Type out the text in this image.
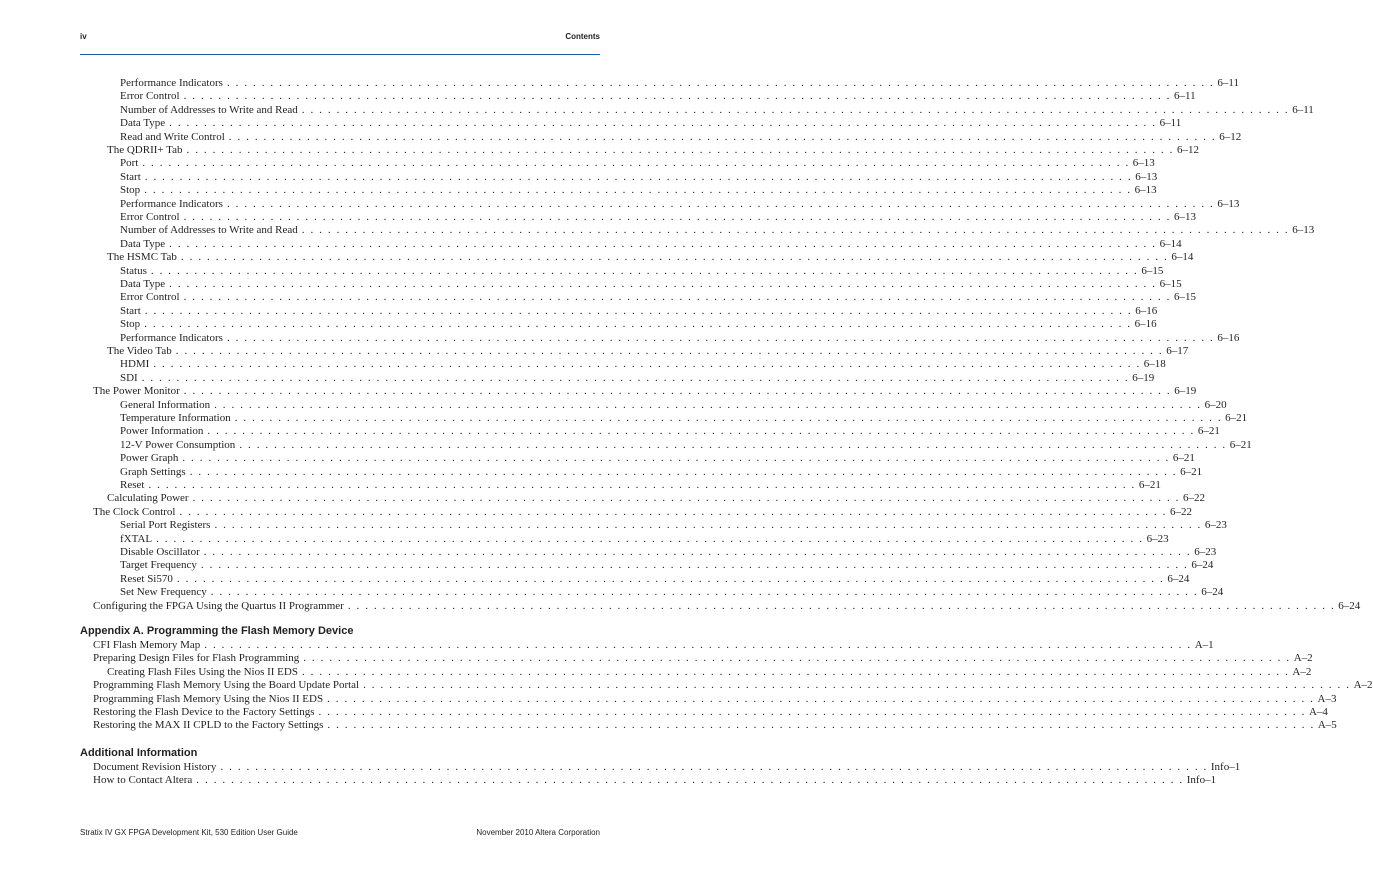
iv	Contents
Performance Indicators . . . . . . . . . . . . . . . . . . . . . . . . . . . . . . . . . . . . . . . . . . . . . . . . . . . . . . . . . . . . . . . . . . . . . . . . . . . . . . . . . . . . . . . . . . . . . . . . . . . . . . . . . . . . . . . . . . 6–11
Error Control . . . . . . . . . . . . . . . . . . . . . . . . . . . . . . . . . . . . . . . . . . . . . . . . . . . . . . . . . . . . . . . . . . . . . . . . . . . . . . . . . . . . . . . . . . . . . . . . . . . . . . . . . . . . . . . . . . 6–11
Number of Addresses to Write and Read . . . . . . . . . . . . . . . . . . . . . . . . . . . . . . . . . . . . . . . . . . . . . . . . . . . . . . . . . . . . . . . . . . . . . . . . . . . . . . . . . . . . . . . . . . . . . . . . . . . . . . . . . . . . . . . . . . 6–11
Data Type . . . . . . . . . . . . . . . . . . . . . . . . . . . . . . . . . . . . . . . . . . . . . . . . . . . . . . . . . . . . . . . . . . . . . . . . . . . . . . . . . . . . . . . . . . . . . . . . . . . . . . . . . . . . . . . . . . 6–11
Read and Write Control . . . . . . . . . . . . . . . . . . . . . . . . . . . . . . . . . . . . . . . . . . . . . . . . . . . . . . . . . . . . . . . . . . . . . . . . . . . . . . . . . . . . . . . . . . . . . . . . . . . . . . . . . . . . . . . . . . 6–12
The QDRII+ Tab . . . . . . . . . . . . . . . . . . . . . . . . . . . . . . . . . . . . . . . . . . . . . . . . . . . . . . . . . . . . . . . . . . . . . . . . . . . . . . . . . . . . . . . . . . . . . . . . . . . . . . . . . . . . . . . . . . 6–12
Port . . . . . . . . . . . . . . . . . . . . . . . . . . . . . . . . . . . . . . . . . . . . . . . . . . . . . . . . . . . . . . . . . . . . . . . . . . . . . . . . . . . . . . . . . . . . . . . . . . . . . . . . . . . . . . . . . . 6–13
Start . . . . . . . . . . . . . . . . . . . . . . . . . . . . . . . . . . . . . . . . . . . . . . . . . . . . . . . . . . . . . . . . . . . . . . . . . . . . . . . . . . . . . . . . . . . . . . . . . . . . . . . . . . . . . . . . . . 6–13
Stop . . . . . . . . . . . . . . . . . . . . . . . . . . . . . . . . . . . . . . . . . . . . . . . . . . . . . . . . . . . . . . . . . . . . . . . . . . . . . . . . . . . . . . . . . . . . . . . . . . . . . . . . . . . . . . . . . . 6–13
Performance Indicators . . . . . . . . . . . . . . . . . . . . . . . . . . . . . . . . . . . . . . . . . . . . . . . . . . . . . . . . . . . . . . . . . . . . . . . . . . . . . . . . . . . . . . . . . . . . . . . . . . . . . . . . . . . . . . . . . . 6–13
Error Control . . . . . . . . . . . . . . . . . . . . . . . . . . . . . . . . . . . . . . . . . . . . . . . . . . . . . . . . . . . . . . . . . . . . . . . . . . . . . . . . . . . . . . . . . . . . . . . . . . . . . . . . . . . . . . . . . . 6–13
Number of Addresses to Write and Read . . . . . . . . . . . . . . . . . . . . . . . . . . . . . . . . . . . . . . . . . . . . . . . . . . . . . . . . . . . . . . . . . . . . . . . . . . . . . . . . . . . . . . . . . . . . . . . . . . . . . . . . . . . . . . . . . . 6–13
Data Type . . . . . . . . . . . . . . . . . . . . . . . . . . . . . . . . . . . . . . . . . . . . . . . . . . . . . . . . . . . . . . . . . . . . . . . . . . . . . . . . . . . . . . . . . . . . . . . . . . . . . . . . . . . . . . . . . . 6–14
The HSMC Tab . . . . . . . . . . . . . . . . . . . . . . . . . . . . . . . . . . . . . . . . . . . . . . . . . . . . . . . . . . . . . . . . . . . . . . . . . . . . . . . . . . . . . . . . . . . . . . . . . . . . . . . . . . . . . . . . . . 6–14
Status . . . . . . . . . . . . . . . . . . . . . . . . . . . . . . . . . . . . . . . . . . . . . . . . . . . . . . . . . . . . . . . . . . . . . . . . . . . . . . . . . . . . . . . . . . . . . . . . . . . . . . . . . . . . . . . . . . 6–15
Data Type . . . . . . . . . . . . . . . . . . . . . . . . . . . . . . . . . . . . . . . . . . . . . . . . . . . . . . . . . . . . . . . . . . . . . . . . . . . . . . . . . . . . . . . . . . . . . . . . . . . . . . . . . . . . . . . . . . 6–15
Error Control . . . . . . . . . . . . . . . . . . . . . . . . . . . . . . . . . . . . . . . . . . . . . . . . . . . . . . . . . . . . . . . . . . . . . . . . . . . . . . . . . . . . . . . . . . . . . . . . . . . . . . . . . . . . . . . . . . 6–15
Start . . . . . . . . . . . . . . . . . . . . . . . . . . . . . . . . . . . . . . . . . . . . . . . . . . . . . . . . . . . . . . . . . . . . . . . . . . . . . . . . . . . . . . . . . . . . . . . . . . . . . . . . . . . . . . . . . . 6–16
Stop . . . . . . . . . . . . . . . . . . . . . . . . . . . . . . . . . . . . . . . . . . . . . . . . . . . . . . . . . . . . . . . . . . . . . . . . . . . . . . . . . . . . . . . . . . . . . . . . . . . . . . . . . . . . . . . . . . 6–16
Performance Indicators . . . . . . . . . . . . . . . . . . . . . . . . . . . . . . . . . . . . . . . . . . . . . . . . . . . . . . . . . . . . . . . . . . . . . . . . . . . . . . . . . . . . . . . . . . . . . . . . . . . . . . . . . . . . . . . . . . 6–16
The Video Tab . . . . . . . . . . . . . . . . . . . . . . . . . . . . . . . . . . . . . . . . . . . . . . . . . . . . . . . . . . . . . . . . . . . . . . . . . . . . . . . . . . . . . . . . . . . . . . . . . . . . . . . . . . . . . . . . . . 6–17
HDMI . . . . . . . . . . . . . . . . . . . . . . . . . . . . . . . . . . . . . . . . . . . . . . . . . . . . . . . . . . . . . . . . . . . . . . . . . . . . . . . . . . . . . . . . . . . . . . . . . . . . . . . . . . . . . . . . . . 6–18
SDI . . . . . . . . . . . . . . . . . . . . . . . . . . . . . . . . . . . . . . . . . . . . . . . . . . . . . . . . . . . . . . . . . . . . . . . . . . . . . . . . . . . . . . . . . . . . . . . . . . . . . . . . . . . . . . . . . . 6–19
The Power Monitor . . . . . . . . . . . . . . . . . . . . . . . . . . . . . . . . . . . . . . . . . . . . . . . . . . . . . . . . . . . . . . . . . . . . . . . . . . . . . . . . . . . . . . . . . . . . . . . . . . . . . . . . . . . . . . . . . . 6–19
General Information . . . . . . . . . . . . . . . . . . . . . . . . . . . . . . . . . . . . . . . . . . . . . . . . . . . . . . . . . . . . . . . . . . . . . . . . . . . . . . . . . . . . . . . . . . . . . . . . . . . . . . . . . . . . . . . . . . 6–20
Temperature Information . . . . . . . . . . . . . . . . . . . . . . . . . . . . . . . . . . . . . . . . . . . . . . . . . . . . . . . . . . . . . . . . . . . . . . . . . . . . . . . . . . . . . . . . . . . . . . . . . . . . . . . . . . . . . . . . . . 6–21
Power Information . . . . . . . . . . . . . . . . . . . . . . . . . . . . . . . . . . . . . . . . . . . . . . . . . . . . . . . . . . . . . . . . . . . . . . . . . . . . . . . . . . . . . . . . . . . . . . . . . . . . . . . . . . . . . . . . . . 6–21
12-V Power Consumption . . . . . . . . . . . . . . . . . . . . . . . . . . . . . . . . . . . . . . . . . . . . . . . . . . . . . . . . . . . . . . . . . . . . . . . . . . . . . . . . . . . . . . . . . . . . . . . . . . . . . . . . . . . . . . . . . . 6–21
Power Graph . . . . . . . . . . . . . . . . . . . . . . . . . . . . . . . . . . . . . . . . . . . . . . . . . . . . . . . . . . . . . . . . . . . . . . . . . . . . . . . . . . . . . . . . . . . . . . . . . . . . . . . . . . . . . . . . . . 6–21
Graph Settings . . . . . . . . . . . . . . . . . . . . . . . . . . . . . . . . . . . . . . . . . . . . . . . . . . . . . . . . . . . . . . . . . . . . . . . . . . . . . . . . . . . . . . . . . . . . . . . . . . . . . . . . . . . . . . . . . . 6–21
Reset . . . . . . . . . . . . . . . . . . . . . . . . . . . . . . . . . . . . . . . . . . . . . . . . . . . . . . . . . . . . . . . . . . . . . . . . . . . . . . . . . . . . . . . . . . . . . . . . . . . . . . . . . . . . . . . . . . 6–21
Calculating Power . . . . . . . . . . . . . . . . . . . . . . . . . . . . . . . . . . . . . . . . . . . . . . . . . . . . . . . . . . . . . . . . . . . . . . . . . . . . . . . . . . . . . . . . . . . . . . . . . . . . . . . . . . . . . . . . . . 6–22
The Clock Control . . . . . . . . . . . . . . . . . . . . . . . . . . . . . . . . . . . . . . . . . . . . . . . . . . . . . . . . . . . . . . . . . . . . . . . . . . . . . . . . . . . . . . . . . . . . . . . . . . . . . . . . . . . . . . . . . . 6–22
Serial Port Registers . . . . . . . . . . . . . . . . . . . . . . . . . . . . . . . . . . . . . . . . . . . . . . . . . . . . . . . . . . . . . . . . . . . . . . . . . . . . . . . . . . . . . . . . . . . . . . . . . . . . . . . . . . . . . . . . . . 6–23
fXTAL . . . . . . . . . . . . . . . . . . . . . . . . . . . . . . . . . . . . . . . . . . . . . . . . . . . . . . . . . . . . . . . . . . . . . . . . . . . . . . . . . . . . . . . . . . . . . . . . . . . . . . . . . . . . . . . . . . 6–23
Disable Oscillator . . . . . . . . . . . . . . . . . . . . . . . . . . . . . . . . . . . . . . . . . . . . . . . . . . . . . . . . . . . . . . . . . . . . . . . . . . . . . . . . . . . . . . . . . . . . . . . . . . . . . . . . . . . . . . . . . . 6–23
Target Frequency . . . . . . . . . . . . . . . . . . . . . . . . . . . . . . . . . . . . . . . . . . . . . . . . . . . . . . . . . . . . . . . . . . . . . . . . . . . . . . . . . . . . . . . . . . . . . . . . . . . . . . . . . . . . . . . . . . 6–24
Reset Si570 . . . . . . . . . . . . . . . . . . . . . . . . . . . . . . . . . . . . . . . . . . . . . . . . . . . . . . . . . . . . . . . . . . . . . . . . . . . . . . . . . . . . . . . . . . . . . . . . . . . . . . . . . . . . . . . . . . 6–24
Set New Frequency . . . . . . . . . . . . . . . . . . . . . . . . . . . . . . . . . . . . . . . . . . . . . . . . . . . . . . . . . . . . . . . . . . . . . . . . . . . . . . . . . . . . . . . . . . . . . . . . . . . . . . . . . . . . . . . . . . 6–24
Configuring the FPGA Using the Quartus II Programmer . . . . . . . . . . . . . . . . . . . . . . . . . . . . . . . . . . . . . . . . . . . . . . . . . . . . . . . . . . . . . . . . . . . . . . . . . . . . . . . . . . . . . . . . . . . . . . . . . . . . . . . . . . . . . . . . . . 6–24
Appendix A. Programming the Flash Memory Device
CFI Flash Memory Map . . . . . . . . . . . . . . . . . . . . . . . . . . . . . . . . . . . . . . . . . . . . . . . . . . . . . . . . . . . . . . . . . . . . . . . . . . . . . . . . . . . . . . . . . . . . . . . . . . . . . . . . . . . . . . . . . . A–1
Preparing Design Files for Flash Programming . . . . . . . . . . . . . . . . . . . . . . . . . . . . . . . . . . . . . . . . . . . . . . . . . . . . . . . . . . . . . . . . . . . . . . . . . . . . . . . . . . . . . . . . . . . . . . . . . . . . . . . . . . . . . . . . . . A–2
Creating Flash Files Using the Nios II EDS . . . . . . . . . . . . . . . . . . . . . . . . . . . . . . . . . . . . . . . . . . . . . . . . . . . . . . . . . . . . . . . . . . . . . . . . . . . . . . . . . . . . . . . . . . . . . . . . . . . . . . . . . . . . . . . . . . A–2
Programming Flash Memory Using the Board Update Portal . . . . . . . . . . . . . . . . . . . . . . . . . . . . . . . . . . . . . . . . . . . . . . . . . . . . . . . . . . . . . . . . . . . . . . . . . . . . . . . . . . . . . . . . . . . . . . . . . . . . . . . . . . . . . . . . . . A–2
Programming Flash Memory Using the Nios II EDS . . . . . . . . . . . . . . . . . . . . . . . . . . . . . . . . . . . . . . . . . . . . . . . . . . . . . . . . . . . . . . . . . . . . . . . . . . . . . . . . . . . . . . . . . . . . . . . . . . . . . . . . . . . . . . . . . . A–3
Restoring the Flash Device to the Factory Settings . . . . . . . . . . . . . . . . . . . . . . . . . . . . . . . . . . . . . . . . . . . . . . . . . . . . . . . . . . . . . . . . . . . . . . . . . . . . . . . . . . . . . . . . . . . . . . . . . . . . . . . . . . . . . . . . . . A–4
Restoring the MAX II CPLD to the Factory Settings . . . . . . . . . . . . . . . . . . . . . . . . . . . . . . . . . . . . . . . . . . . . . . . . . . . . . . . . . . . . . . . . . . . . . . . . . . . . . . . . . . . . . . . . . . . . . . . . . . . . . . . . . . . . . . . . . . A–5
Additional Information
Document Revision History . . . . . . . . . . . . . . . . . . . . . . . . . . . . . . . . . . . . . . . . . . . . . . . . . . . . . . . . . . . . . . . . . . . . . . . . . . . . . . . . . . . . . . . . . . . . . . . . . . . . . . . . . . . . . . . . . . Info–1
How to Contact Altera . . . . . . . . . . . . . . . . . . . . . . . . . . . . . . . . . . . . . . . . . . . . . . . . . . . . . . . . . . . . . . . . . . . . . . . . . . . . . . . . . . . . . . . . . . . . . . . . . . . . . . . . . . . . . . . . . . Info–1
Stratix IV GX FPGA Development Kit, 530 Edition User Guide	November 2010 Altera Corporation
